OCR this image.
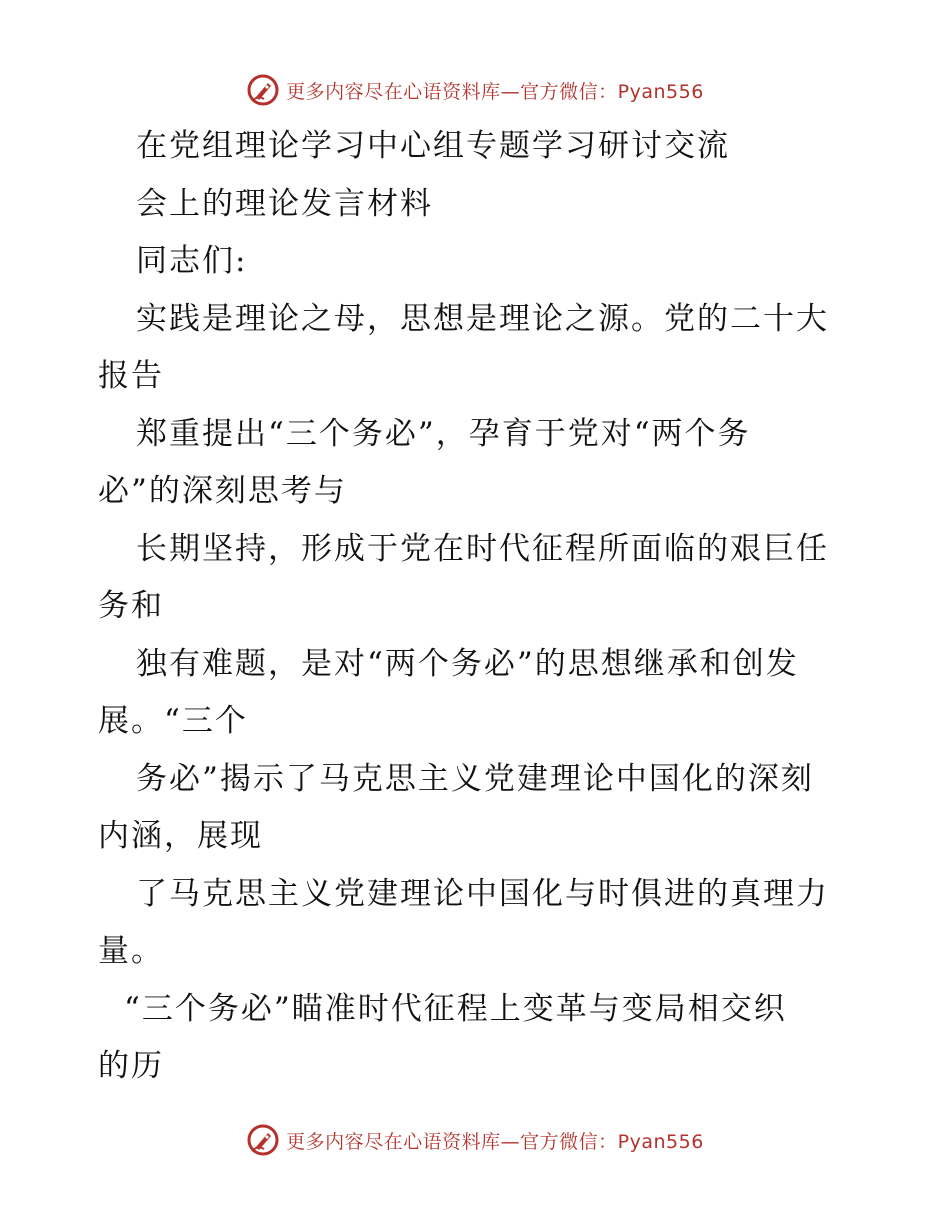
更多内容尽在心语资料库—官方微信：Pyan556
在党组理论学习中心组专题学习研讨交流
会上的理论发言材料
同志们:
实践是理论之母，思想是理论之源。党的二十大
报告
郑重提出“三个务必”，孕育于党对“两个务
必”的深刻思考与
长期坚持，形成于党在时代征程所面临的艰巨任
务和
独有难题，是对“两个务必”的思想继承和创发
展。“三个
务必”揭示了马克思主义党建理论中国化的深刻
内涵，展现
了马克思主义党建理论中国化与时俱进的真理力
量。
“三个务必”瞄准时代征程上变革与变局相交织
的历
更多内容尽在心语资料库—官方微信：Pyan556
